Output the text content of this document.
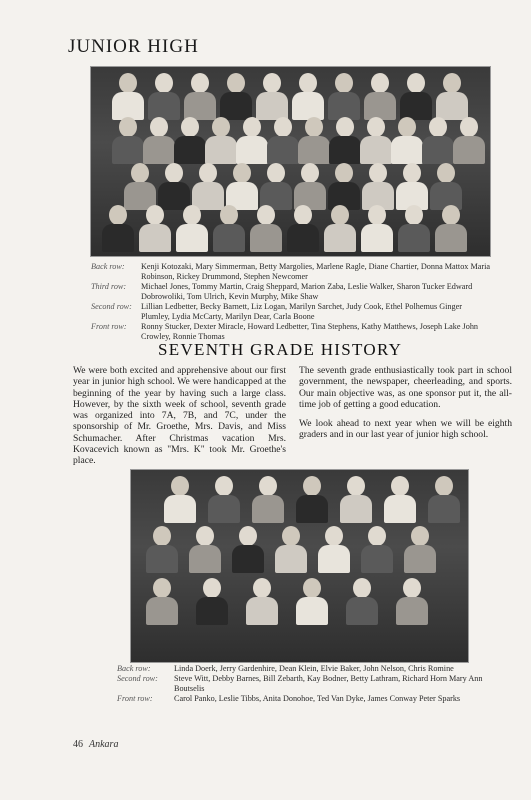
JUNIOR HIGH
Back row: Kenji Kotozaki, Mary Simmerman, Betty Margolies, Marlene Ragle, Diane Chartier, Donna Mattox Maria Robinson, Rickey Drummond, Stephen Newcomer
Third row: Michael Jones, Tommy Martin, Craig Sheppard, Marion Zaba, Leslie Walker, Sharon Tucker Edward Dobrowoliki, Tom Ulrich, Kevin Murphy, Mike Shaw
Second row: Lillian Ledbetter, Becky Barnett, Liz Logan, Marilyn Sarchet, Judy Cook, Ethel Polhemus Ginger Plumley, Lydia McCarty, Marilyn Dear, Carla Boone
Front row: Ronny Stucker, Dexter Miracle, Howard Ledbetter, Tina Stephens, Kathy Matthews, Joseph Lake John Crowley, Ronnie Thomas
SEVENTH GRADE HISTORY

We were both excited and apprehensive about our first year in junior high school. We were handicapped at the beginning of the year by having such a large class. However, by the sixth week of school, seventh grade was organized into 7A, 7B, and 7C, under the sponsorship of Mr. Groethe, Mrs. Davis, and Miss Schumacher. After Christmas vacation Mrs. Kovacevich known as "Mrs. K" took Mr. Groethe's place.

The seventh grade enthusiastically took part in school government, the newspaper, cheerleading, and sports. Our main objective was, as one sponsor put it, the all-time job of getting a good education.

We look ahead to next year when we will be eighth graders and in our last year of junior high school.

Back row:	Linda Doerk, Jerry Gardenhire, Dean Klein, Elvie Baker, John Nelson, Chris Romine
Second row: Steve Witt, Debby Barnes, Bill Zebarth, Kay Bodner, Betty Lathram, Richard Horn Mary Ann Boutselis
Front row:	Carol Panko, Leslie Tibbs, Anita Donohoe, Ted Van Dyke, James Conway Peter Sparks
46 Ankara
